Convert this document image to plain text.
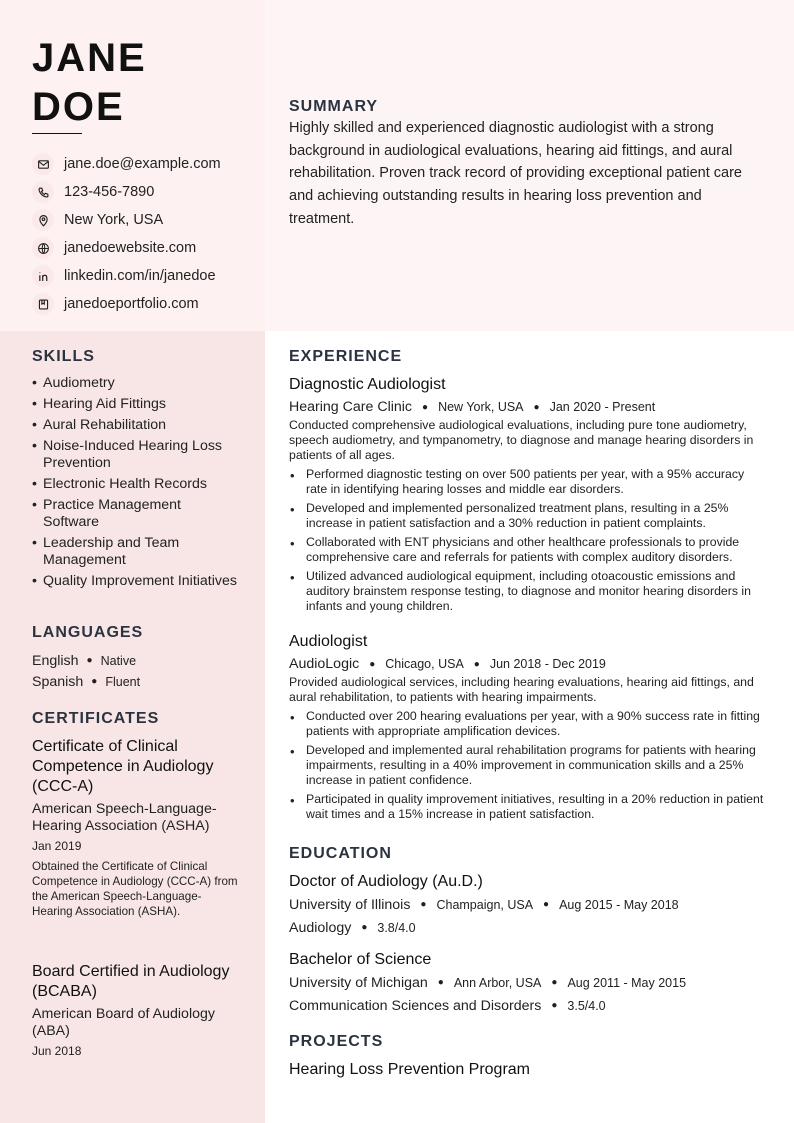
JANE
DOE
jane.doe@example.com
123-456-7890
New York, USA
janedoewebsite.com
linkedin.com/in/janedoe
janedoeportfolio.com
SUMMARY

Highly skilled and experienced diagnostic audiologist with a strong background in audiological evaluations, hearing aid fittings, and aural rehabilitation. Proven track record of providing exceptional patient care and achieving outstanding results in hearing loss prevention and treatment.

SKILLS
• Audiometry
• Hearing Aid Fittings
• Aural Rehabilitation
• Noise-Induced Hearing Loss Prevention
• Electronic Health Records
• Practice Management Software
• Leadership and Team Management
• Quality Improvement Initiatives
LANGUAGES
English ● Native
Spanish ● Fluent
CERTIFICATES
Certificate of Clinical Competence in Audiology (CCC-A)
American Speech-Language-Hearing Association (ASHA)
Jan 2019
Obtained the Certificate of Clinical Competence in Audiology (CCC-A) from the American Speech-Language-Hearing Association (ASHA).
Board Certified in Audiology (BCABA)
American Board of Audiology (ABA)
Jun 2018
EXPERIENCE
Diagnostic Audiologist
Hearing Care Clinic ● New York, USA ● Jan 2020 - Present
Conducted comprehensive audiological evaluations, including pure tone audiometry, speech audiometry, and tympanometry, to diagnose and manage hearing disorders in patients of all ages.
• Performed diagnostic testing on over 500 patients per year, with a 95% accuracy rate in identifying hearing losses and middle ear disorders.
• Developed and implemented personalized treatment plans, resulting in a 25% increase in patient satisfaction and a 30% reduction in patient complaints.
• Collaborated with ENT physicians and other healthcare professionals to provide comprehensive care and referrals for patients with complex auditory disorders.
• Utilized advanced audiological equipment, including otoacoustic emissions and auditory brainstem response testing, to diagnose and monitor hearing disorders in infants and young children.
Audiologist
AudioLogic ● Chicago, USA ● Jun 2018 - Dec 2019
Provided audiological services, including hearing evaluations, hearing aid fittings, and aural rehabilitation, to patients with hearing impairments.
• Conducted over 200 hearing evaluations per year, with a 90% success rate in fitting patients with appropriate amplification devices.
• Developed and implemented aural rehabilitation programs for patients with hearing impairments, resulting in a 40% improvement in communication skills and a 25% increase in patient confidence.
• Participated in quality improvement initiatives, resulting in a 20% reduction in patient wait times and a 15% increase in patient satisfaction.
EDUCATION
Doctor of Audiology (Au.D.)
University of Illinois ● Champaign, USA ● Aug 2015 - May 2018
Audiology ● 3.8/4.0
Bachelor of Science
University of Michigan ● Ann Arbor, USA ● Aug 2011 - May 2015
Communication Sciences and Disorders ● 3.5/4.0
PROJECTS
Hearing Loss Prevention Program
